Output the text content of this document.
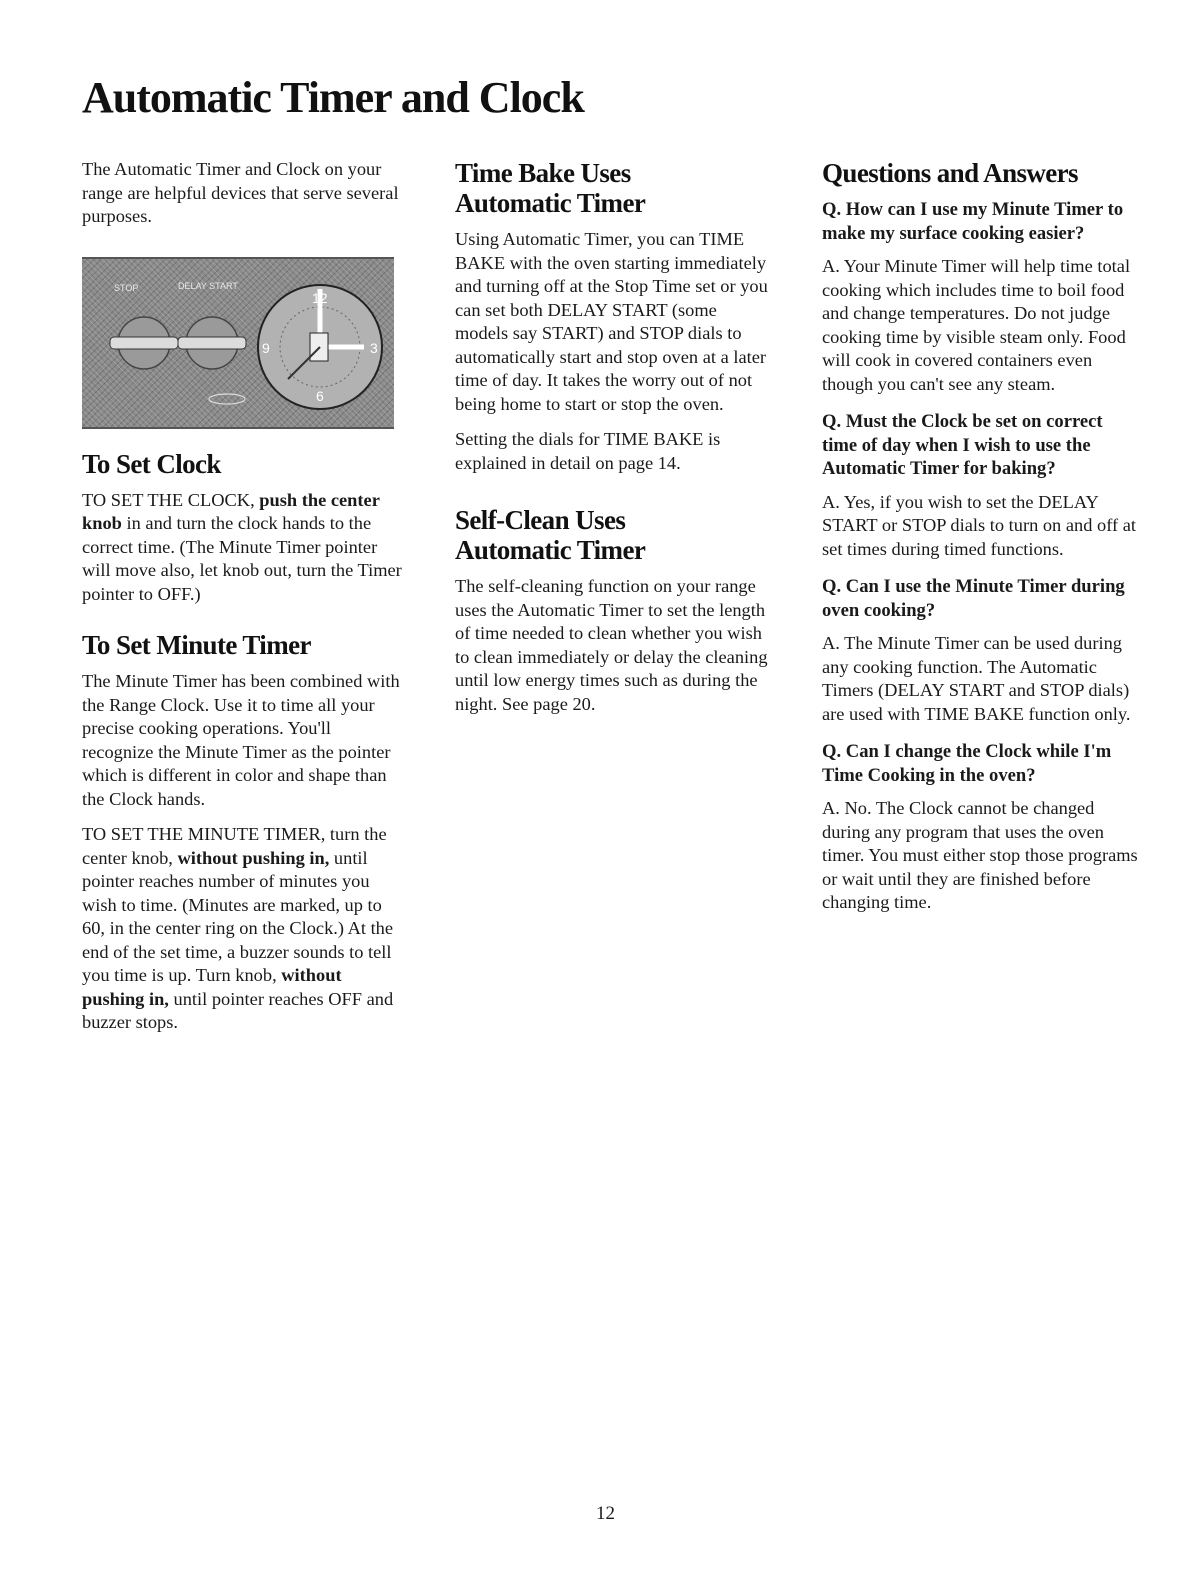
Automatic Timer and Clock

The Automatic Timer and Clock on your range are helpful devices that serve several purposes.

STOP	DELAY START
12
3
6
9
To Set Clock

TO SET THE CLOCK, push the center knob in and turn the clock hands to the correct time. (The Minute Timer pointer will move also, let knob out, turn the Timer pointer to OFF.)

To Set Minute Timer

The Minute Timer has been combined with the Range Clock. Use it to time all your precise cooking operations. You'll recognize the Minute Timer as the pointer which is different in color and shape than the Clock hands.

TO SET THE MINUTE TIMER, turn the center knob, without pushing in, until pointer reaches number of minutes you wish to time. (Minutes are marked, up to 60, in the center ring on the Clock.) At the end of the set time, a buzzer sounds to tell you time is up. Turn knob, without pushing in, until pointer reaches OFF and buzzer stops.

Time Bake Uses
Automatic Timer

Using Automatic Timer, you can TIME BAKE with the oven starting immediately and turning off at the Stop Time set or you can set both DELAY START (some models say START) and STOP dials to automatically start and stop oven at a later time of day. It takes the worry out of not being home to start or stop the oven.

Setting the dials for TIME BAKE is explained in detail on page 14.

Self-Clean Uses
Automatic Timer

The self-cleaning function on your range uses the Automatic Timer to set the length of time needed to clean whether you wish to clean immediately or delay the cleaning until low energy times such as during the night. See page 20.

Questions and Answers
Q. How can I use my Minute Timer to make my surface cooking easier?

A. Your Minute Timer will help time total cooking which includes time to boil food and change temperatures. Do not judge cooking time by visible steam only. Food will cook in covered containers even though you can't see any steam.

Q. Must the Clock be set on correct time of day when I wish to use the Automatic Timer for baking?

A. Yes, if you wish to set the DELAY START or STOP dials to turn on and off at set times during timed functions.

Q. Can I use the Minute Timer during oven cooking?

A. The Minute Timer can be used during any cooking function. The Automatic Timers (DELAY START and STOP dials) are used with TIME BAKE function only.

Q. Can I change the Clock while I'm Time Cooking in the oven?

A. No. The Clock cannot be changed during any program that uses the oven timer. You must either stop those programs or wait until they are finished before changing time.

12
